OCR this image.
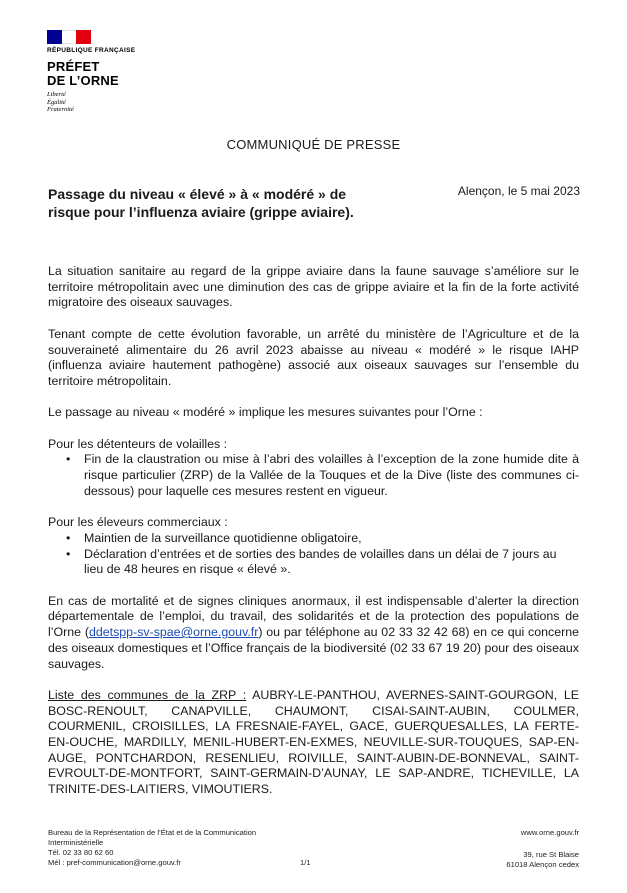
RÉPUBLIQUE FRANÇAISE
PRÉFET
DE L’ORNE
Liberté
Égalité
Fraternité
COMMUNIQUÉ DE PRESSE
Passage du niveau « élevé » à « modéré » de risque pour l’influenza aviaire (grippe aviaire).
Alençon, le 5 mai 2023

La situation sanitaire au regard de la grippe aviaire dans la faune sauvage s’améliore sur le territoire métropolitain avec une diminution des cas de grippe aviaire et la fin de la forte activité migratoire des oiseaux sauvages.

Tenant compte de cette évolution favorable, un arrêté du ministère de l’Agriculture et de la souveraineté alimentaire du 26 avril 2023 abaisse au niveau « modéré » le risque IAHP (influenza aviaire hautement pathogène) associé aux oiseaux sauvages sur l’ensemble du territoire métropolitain.

Le passage au niveau « modéré » implique les mesures suivantes pour l’Orne :

Pour les détenteurs de volailles :

• Fin de la claustration ou mise à l’abri des volailles à l’exception de la zone humide dite à risque particulier (ZRP) de la Vallée de la Touques et de la Dive (liste des communes ci-dessous) pour laquelle ces mesures restent en vigueur.

Pour les éleveurs commerciaux :

• Maintien de la surveillance quotidienne obligatoire,
• Déclaration d’entrées et de sorties des bandes de volailles dans un délai de 7 jours au lieu de 48 heures en risque « élevé ».

En cas de mortalité et de signes cliniques anormaux, il est indispensable d’alerter la direction départementale de l’emploi, du travail, des solidarités et de la protection des populations de l’Orne (ddetspp-sv-spae@orne.gouv.fr) ou par téléphone au 02 33 32 42 68) en ce qui concerne des oiseaux domestiques et l’Office français de la biodiversité (02 33 67 19 20) pour des oiseaux sauvages.

Liste des communes de la ZRP : AUBRY-LE-PANTHOU, AVERNES-SAINT-GOURGON, LE BOSC-RENOULT, CANAPVILLE, CHAUMONT, CISAI-SAINT-AUBIN, COULMER, COURMENIL, CROISILLES, LA FRESNAIE-FAYEL, GACE, GUERQUESALLES, LA FERTE-EN-OUCHE, MARDILLY, MENIL-HUBERT-EN-EXMES, NEUVILLE-SUR-TOUQUES, SAP-EN-AUGE, PONTCHARDON, RESENLIEU, ROIVILLE, SAINT-AUBIN-DE-BONNEVAL, SAINT-EVROULT-DE-MONTFORT, SAINT-GERMAIN-D’AUNAY, LE SAP-ANDRE, TICHEVILLE, LA TRINITE-DES-LAITIERS, VIMOUTIERS.

Bureau de la Représentation de l’État et de la Communication
Interministérielle
Tél. 02 33 80 62 60
Mél : pref-communication@orne.gouv.fr	1/1
www.orne.gouv.fr
39, rue St Blaise
61018 Alençon cedex
